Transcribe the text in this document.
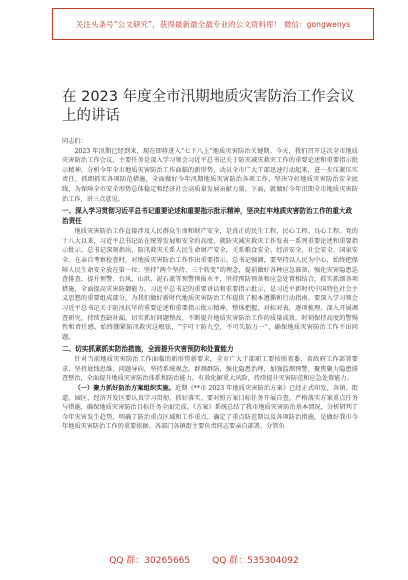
关注头条号“公文研究”，获得最新最全最专业的公文资料库！ 微信：gongwenys
在 2023 年度全市汛期地质灾害防治工作会议上的讲话

同志们：

2023 年汛期已经到来，现在即将进入“七下八上”地质灾害防治关键期。今天，我们召开这次全市地质灾害防治工作会议，主要任务是深入学习领会习近平总书记关于防灾减灾救灾工作的重要论述和重要指示批示精神，分析今年全市地质灾害防治工作面临的新形势，动员全市广大干部迅速行动起来，进一步压紧压实责任，抓细抓实各项防范措施，全面做好今年汛期地质灾害防治各项工作，坚决守好地质灾害防治安全底线，为保障全市安全形势总体稳定和经济社会高质量发展贡献力量。下面，就做好今年汛期全市地质灾害防治工作，讲三点意见。

一、深入学习贯彻习近平总书记重要论述和重要指示批示精神，坚决扛牢地质灾害防治工作的重大政治责任

地质灾害防治工作直接涉及人民群众生命和财产安全，是真正的民生工程、民心工程、良心工程。党的十八大以来，习近平总书记站在统筹发展和安全的高度，就防灾减灾救灾工作发表一系列重要论述和重要指示批示。总书记深刻指出，防汛救灾关系人民生命财产安全，关系粮食安全、经济安全、社会安全、国家安全。在亲自考察检查时，对地质灾害防治工作作出重要指示。总书记强调，要坚持以人民为中心，始终把保障人民生命安全放在第一位；坚持“两个坚持、三个转变”的理念，提前做好各种应急准备，强化灾害隐患巡查排查，提升预警、台风、山洪、泥石流等预警预报水平，坚持预防预备和应急处置相结合，抓实抓细各项措施，全面提高灾害防御能力。习近平总书记的重要讲话和重要指示批示，是习近平新时代中国特色社会主义思想的重要组成部分，为我们做好新时代地质灾害防治工作提供了根本遵循和行动指南。要深入学习领会习近平总书记关于防汛抗旱的重要论述和重要指示批示精神，整体把握，对标对表，逐项梳理，深入开展调查研究，持续查缺补漏，切实抓好问题整改，不断提升地质灾害防治工作的质量成效。时刻保持高度的警惕性和责任感，始终绷紧防汛救灾这根弦，“宁可十防九空，不可失防万一”，确保地质灾害防治工作不出问题。

二、切实抓紧抓实防治措施，全面提升灾害预防和处置能力

针对当前地质灾害防治工作面临的新形势新要求，全市广大干部职工要按照省委、省政府工作部署要求，坚持底线思维、问题导向，坚持系统观念，群测群防，强化隐患治理，加强监测预警，聚焦聚力隐患排查整治，全面提升地质灾害防治体系和防治能力，有效化解重大风险，持续提升灾害防范和应急处置能力。

（一）聚力抓好防治方案组织实施。近期《**市 2023 年地质灾害防治方案》已经正式印发，各镇、街道、园区、经济开发区要认真学习贯彻，抓好落实。要对照方案目标任务开展自查，严格落实方案重点任务与措施，确保地质灾害防治目标任务全面完成。《方案》系统总结了我市地质灾害防治基本情况，分析研判了今年灾害发生趋势，明确了防治重点区域和工作重点，确定了重点防范期以及各项防治措施，是做好我市今年地质灾害防治工作的重要依据。各部门各镇街主要负责同志要亲自部署，分管负

QQ 群：30265665 QQ 群：535304092
